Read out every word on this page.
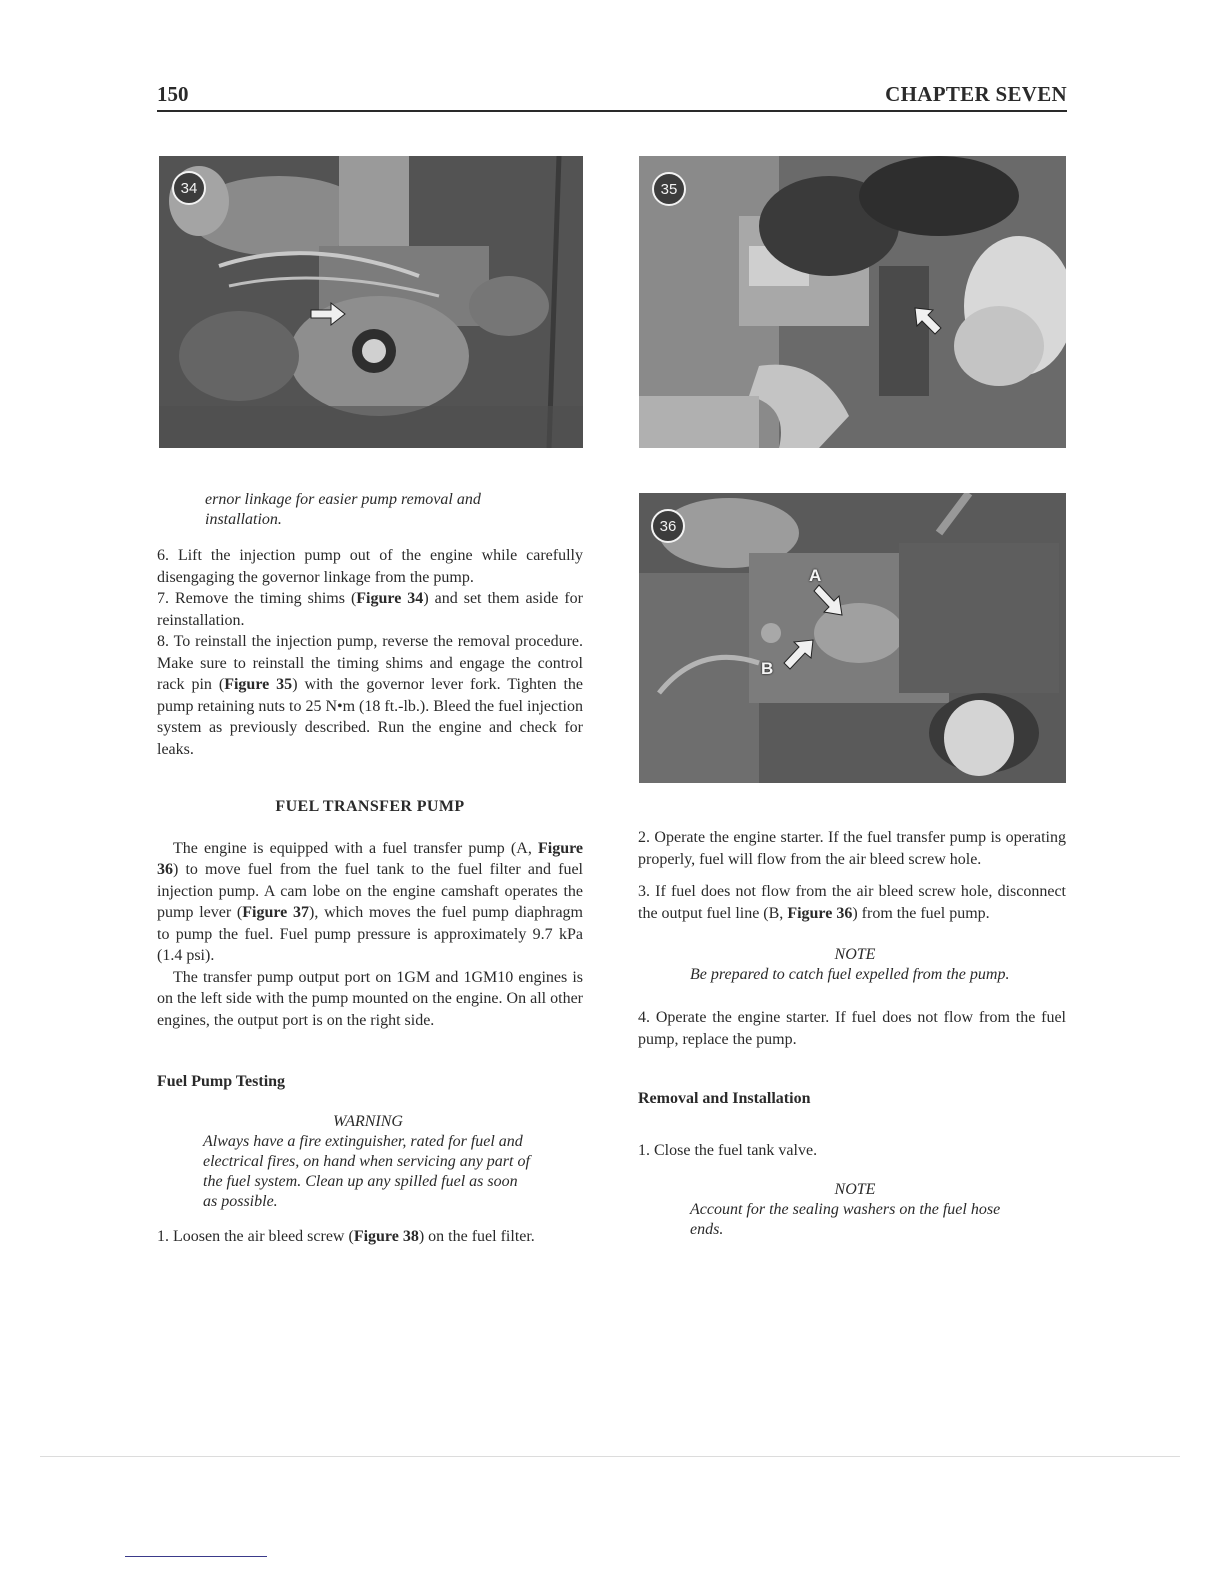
150	CHAPTER SEVEN
34	35
36
A
B
ernor linkage for easier pump removal and
installation.

6. Lift the injection pump out of the engine while carefully disengaging the governor linkage from the pump.

7. Remove the timing shims (Figure 34) and set them aside for reinstallation.

8. To reinstall the injection pump, reverse the removal procedure. Make sure to reinstall the timing shims and engage the control rack pin (Figure 35) with the governor lever fork. Tighten the pump retaining nuts to 25 N•m (18 ft.-lb.). Bleed the fuel injection system as previously described. Run the engine and check for leaks.

FUEL TRANSFER PUMP

The engine is equipped with a fuel transfer pump (A, Figure 36) to move fuel from the fuel tank to the fuel filter and fuel injection pump. A cam lobe on the engine camshaft operates the pump lever (Figure 37), which moves the fuel pump diaphragm to pump the fuel. Fuel pump pressure is approximately 9.7 kPa (1.4 psi).

The transfer pump output port on 1GM and 1GM10 engines is on the left side with the pump mounted on the engine. On all other engines, the output port is on the right side.

Fuel Pump Testing
WARNING
Always have a fire extinguisher, rated for fuel and electrical fires, on hand when servicing any part of the fuel system. Clean up any spilled fuel as soon as possible.

1. Loosen the air bleed screw (Figure 38) on the fuel filter.

2. Operate the engine starter. If the fuel transfer pump is operating properly, fuel will flow from the air bleed screw hole.

3. If fuel does not flow from the air bleed screw hole, disconnect the output fuel line (B, Figure 36) from the fuel pump.

NOTE
Be prepared to catch fuel expelled from the pump.

4. Operate the engine starter. If fuel does not flow from the fuel pump, replace the pump.

Removal and Installation

1. Close the fuel tank valve.

NOTE
Account for the sealing washers on the fuel hose ends.
